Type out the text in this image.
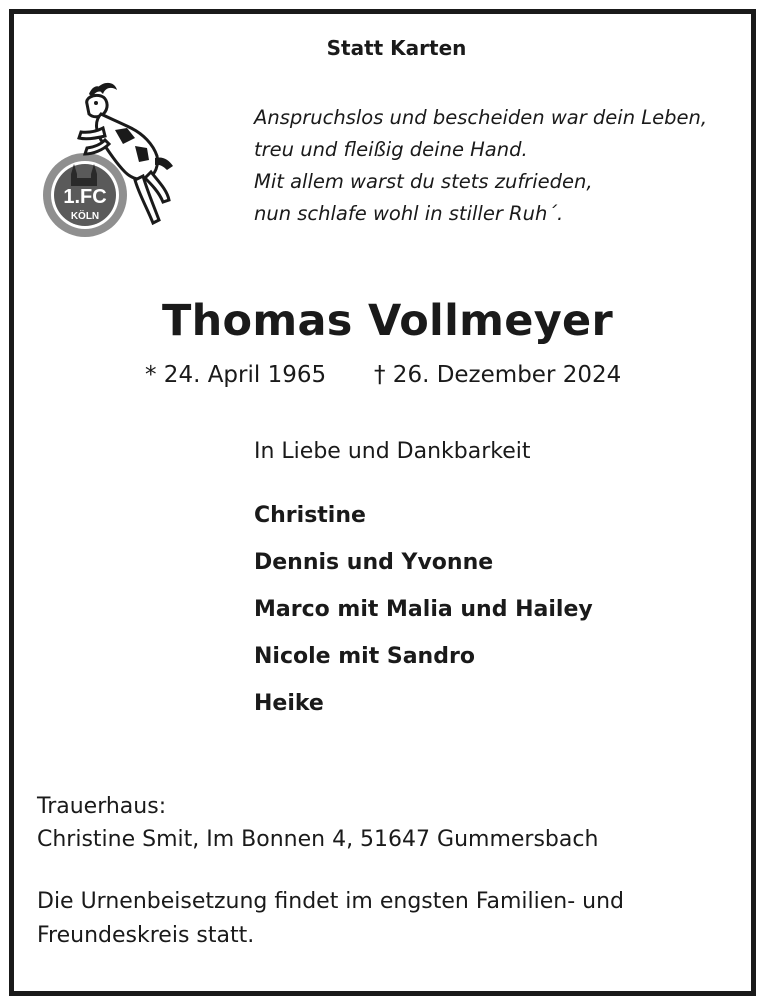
Statt Karten
1.FC
KÖLN
Anspruchslos und bescheiden war dein Leben,
treu und fleißig deine Hand.
Mit allem warst du stets zufrieden,
nun schlafe wohl in stiller Ruh´.
Thomas Vollmeyer
* 24. April 1965 † 26. Dezember 2024
In Liebe und Dankbarkeit
Christine
Dennis und Yvonne
Marco mit Malia und Hailey
Nicole mit Sandro
Heike
Trauerhaus:
Christine Smit, Im Bonnen 4, 51647 Gummersbach
Die Urnenbeisetzung findet im engsten Familien- und
Freundeskreis statt.
